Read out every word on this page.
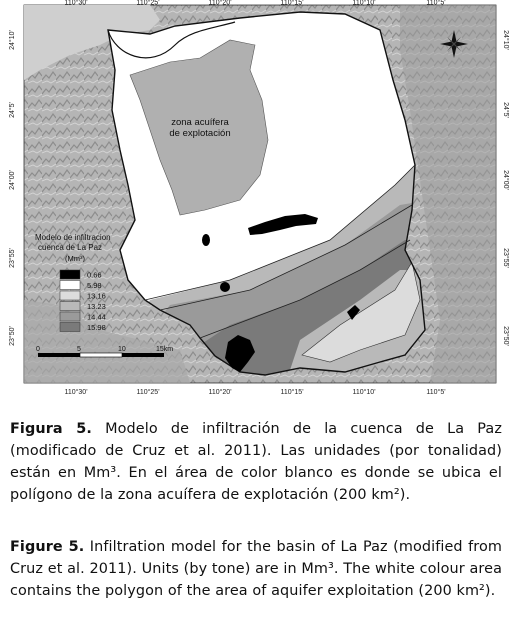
zona acuífera
de explotación
Modelo de infiltracion
cuenca de La Paz
(Mm³)
0.66
5.98
13.16
13.23
14.44
15.98
0	5	10	15km
110°30'	110°25'	110°20'	110°15'	110°10'	110°5'
110°30'	110°25'	110°20'	110°15'	110°10'	110°5'
24°10'
24°5'
24°00'
23°55'
23°50'
24°10'
24°5'
24°00'
23°55'
23°50'
Figura 5. Modelo de infiltración de la cuenca de La Paz (modificado de Cruz et al. 2011). Las unidades (por tonalidad) están en Mm³. En el área de color blanco es donde se ubica el polígono de la zona acuífera de explotación (200 km²).
Figure 5. Infiltration model for the basin of La Paz (modified from Cruz et al. 2011). Units (by tone) are in Mm³. The white colour area contains the polygon of the area of aquifer exploitation (200 km²).
